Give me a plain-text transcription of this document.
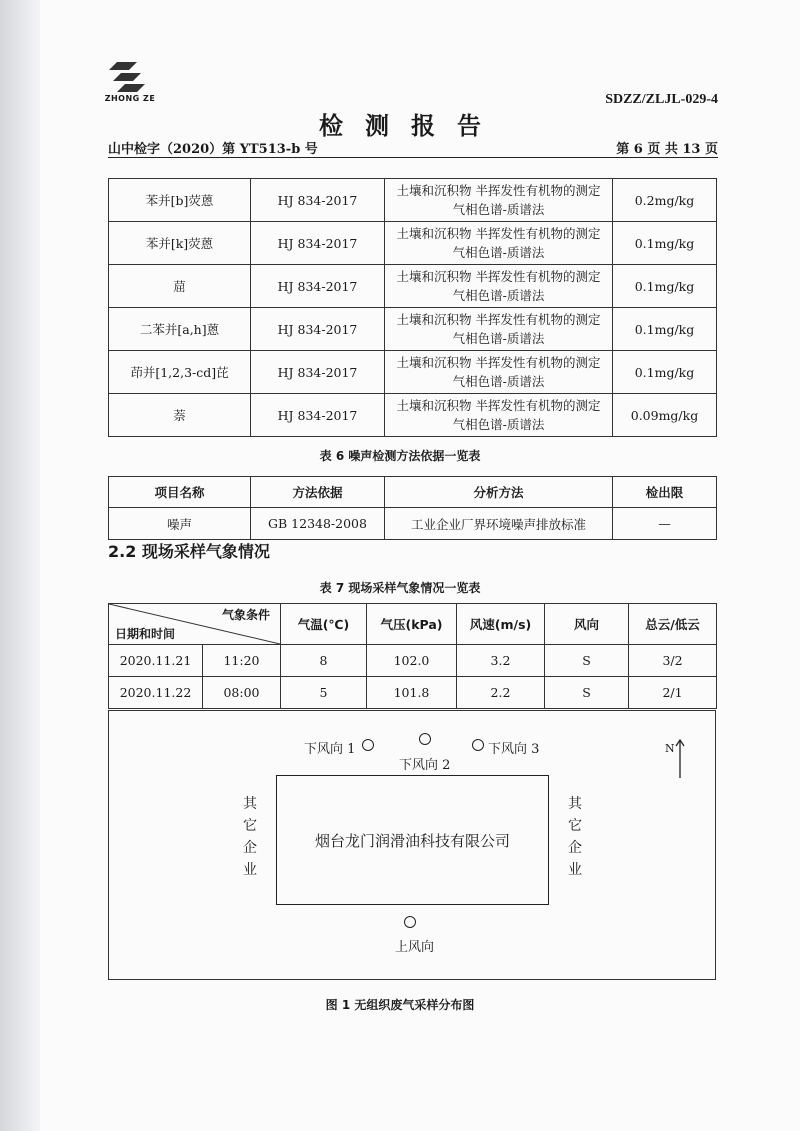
ZHONG ZE	SDZZ/ZLJL-029-4
检测报告
山中检字（2020）第 YT513-b 号	第 6 页 共 13 页
苯并[b]荧蒽	HJ 834-2017	土壤和沉积物 半挥发性有机物的测定 气相色谱-质谱法	0.2mg/kg
苯并[k]荧蒽	HJ 834-2017	土壤和沉积物 半挥发性有机物的测定 气相色谱-质谱法	0.1mg/kg
䓛	HJ 834-2017	土壤和沉积物 半挥发性有机物的测定 气相色谱-质谱法	0.1mg/kg
二苯并[a,h]蒽	HJ 834-2017	土壤和沉积物 半挥发性有机物的测定 气相色谱-质谱法	0.1mg/kg
茚并[1,2,3-cd]芘	HJ 834-2017	土壤和沉积物 半挥发性有机物的测定 气相色谱-质谱法	0.1mg/kg
萘	HJ 834-2017	土壤和沉积物 半挥发性有机物的测定 气相色谱-质谱法	0.09mg/kg
表 6 噪声检测方法依据一览表
项目名称	方法依据	分析方法	检出限
噪声	GB 12348-2008	工业企业厂界环境噪声排放标准	—
2.2 现场采样气象情况
表 7 现场采样气象情况一览表
气象条件
日期和时间		气温(℃)	气压(kPa)	风速(m/s)	风向	总云/低云
2020.11.21	11:20	8	102.0	3.2	S	3/2
2020.11.22	08:00	5	101.8	2.2	S	2/1
下风向 1
下风向 2
下风向 3	N
其它企业
烟台龙门润滑油科技有限公司
其它企业
上风向
图 1 无组织废气采样分布图
